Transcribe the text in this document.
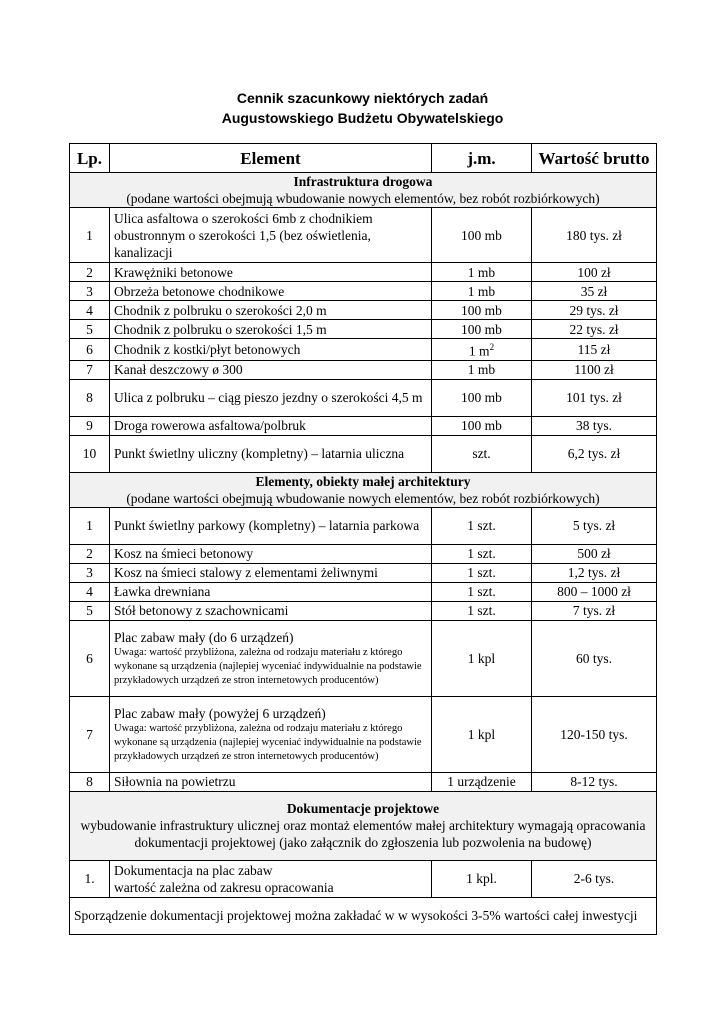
Cennik szacunkowy niektórych zadań
Augustowskiego Budżetu Obywatelskiego
Lp.	Element	j.m.	Wartość brutto

Infrastruktura drogowa
(podane wartości obejmują wbudowanie nowych elementów, bez robót rozbiórkowych)			

1	Ulica asfaltowa o szerokości 6mb z chodnikiem obustronnym o szerokości 1,5 (bez oświetlenia, kanalizacji	100 mb	180 tys. zł
2	Krawężniki betonowe	1 mb	100 zł
3	Obrzeża betonowe chodnikowe	1 mb	35 zł
4	Chodnik z polbruku o szerokości 2,0 m	100 mb	29 tys. zł
5	Chodnik z polbruku o szerokości 1,5 m	100 mb	22 tys. zł
6	Chodnik z kostki/płyt betonowych	1 $m^2$	115 zł
7	Kanał deszczowy ø 300	1 mb	1100 zł
8	Ulica z polbruku – ciąg pieszo jezdny o szerokości 4,5 m	100 mb	101 tys. zł
9	Droga rowerowa asfaltowa/polbruk	100 mb	38 tys.
10	Punkt świetlny uliczny (kompletny) – latarnia uliczna	szt.	6,2 tys. zł

Elementy, obiekty małej architektury
(podane wartości obejmują wbudowanie nowych elementów, bez robót rozbiórkowych)			

1	Punkt świetlny parkowy (kompletny) – latarnia parkowa	1 szt.	5 tys. zł
2	Kosz na śmieci betonowy	1 szt.	500 zł
3	Kosz na śmieci stalowy z elementami żeliwnymi	1 szt.	1,2 tys. zł
4	Ławka drewniana	1 szt.	800 – 1000 zł
5	Stół betonowy z szachownicami	1 szt.	7 tys. zł
6	Plac zabaw mały (do 6 urządzeń)
Uwaga: wartość przybliżona, zależna od rodzaju materiału z którego wykonane są urządzenia (najlepiej wyceniać indywidualnie na podstawie przykładowych urządzeń ze stron internetowych producentów)	1 kpl	60 tys.
7	Plac zabaw mały (powyżej 6 urządzeń)
Uwaga: wartość przybliżona, zależna od rodzaju materiału z którego wykonane są urządzenia (najlepiej wyceniać indywidualnie na podstawie przykładowych urządzeń ze stron internetowych producentów)	1 kpl	120-150 tys.
8	Siłownia na powietrzu	1 urządzenie	8-12 tys.

Dokumentacje projektowe
wybudowanie infrastruktury ulicznej oraz montaż elementów małej architektury wymagają opracowania dokumentacji projektowej (jako załącznik do zgłoszenia lub pozwolenia na budowę)			

1.	Dokumentacja na plac zabaw
wartość zależna od zakresu opracowania	1 kpl.	2-6 tys.
Sporządzenie dokumentacji projektowej można zakładać w w wysokości 3-5% wartości całej inwestycji			
